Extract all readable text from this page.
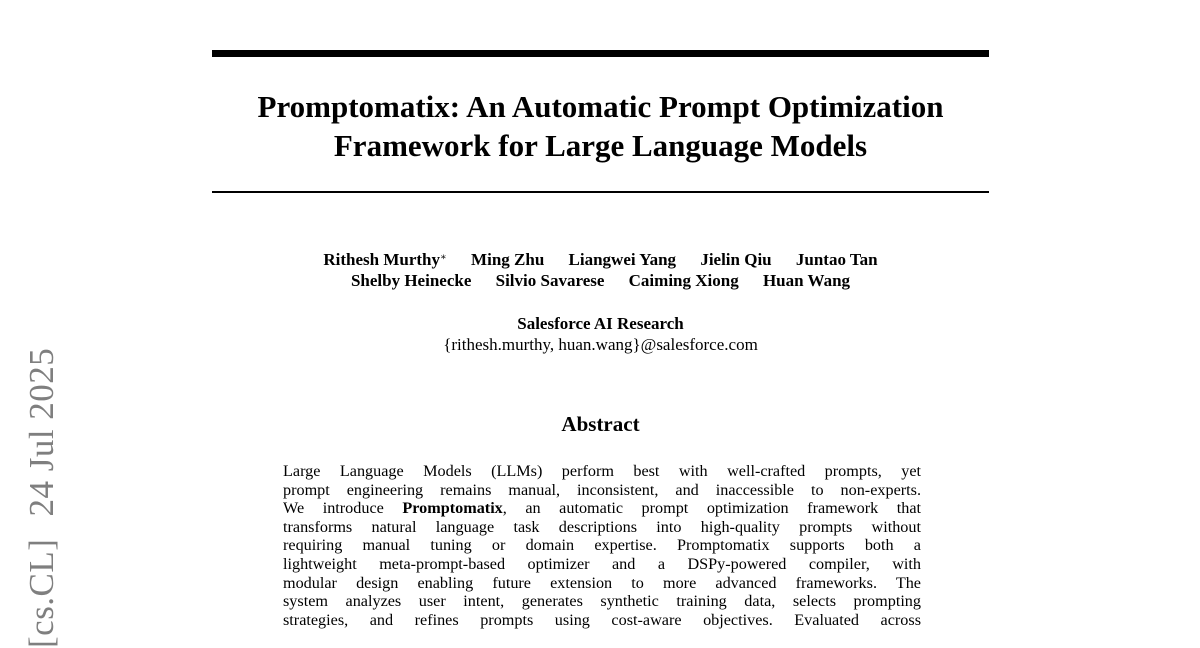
[cs.CL]24 Jul 2025
Promptomatix: An Automatic Prompt Optimization
Framework for Large Language Models
Rithesh Murthy∗ Ming Zhu Liangwei Yang Jielin Qiu Juntao Tan
Shelby Heinecke Silvio Savarese Caiming Xiong Huan Wang
Salesforce AI Research
{rithesh.murthy, huan.wang}@salesforce.com
Abstract
Large Language Models (LLMs) perform best with well-crafted prompts, yet
prompt engineering remains manual, inconsistent, and inaccessible to non-experts.
We introduce Promptomatix, an automatic prompt optimization framework that
transforms natural language task descriptions into high-quality prompts without
requiring manual tuning or domain expertise. Promptomatix supports both a
lightweight meta-prompt-based optimizer and a DSPy-powered compiler, with
modular design enabling future extension to more advanced frameworks. The
system analyzes user intent, generates synthetic training data, selects prompting
strategies, and refines prompts using cost-aware objectives. Evaluated across
